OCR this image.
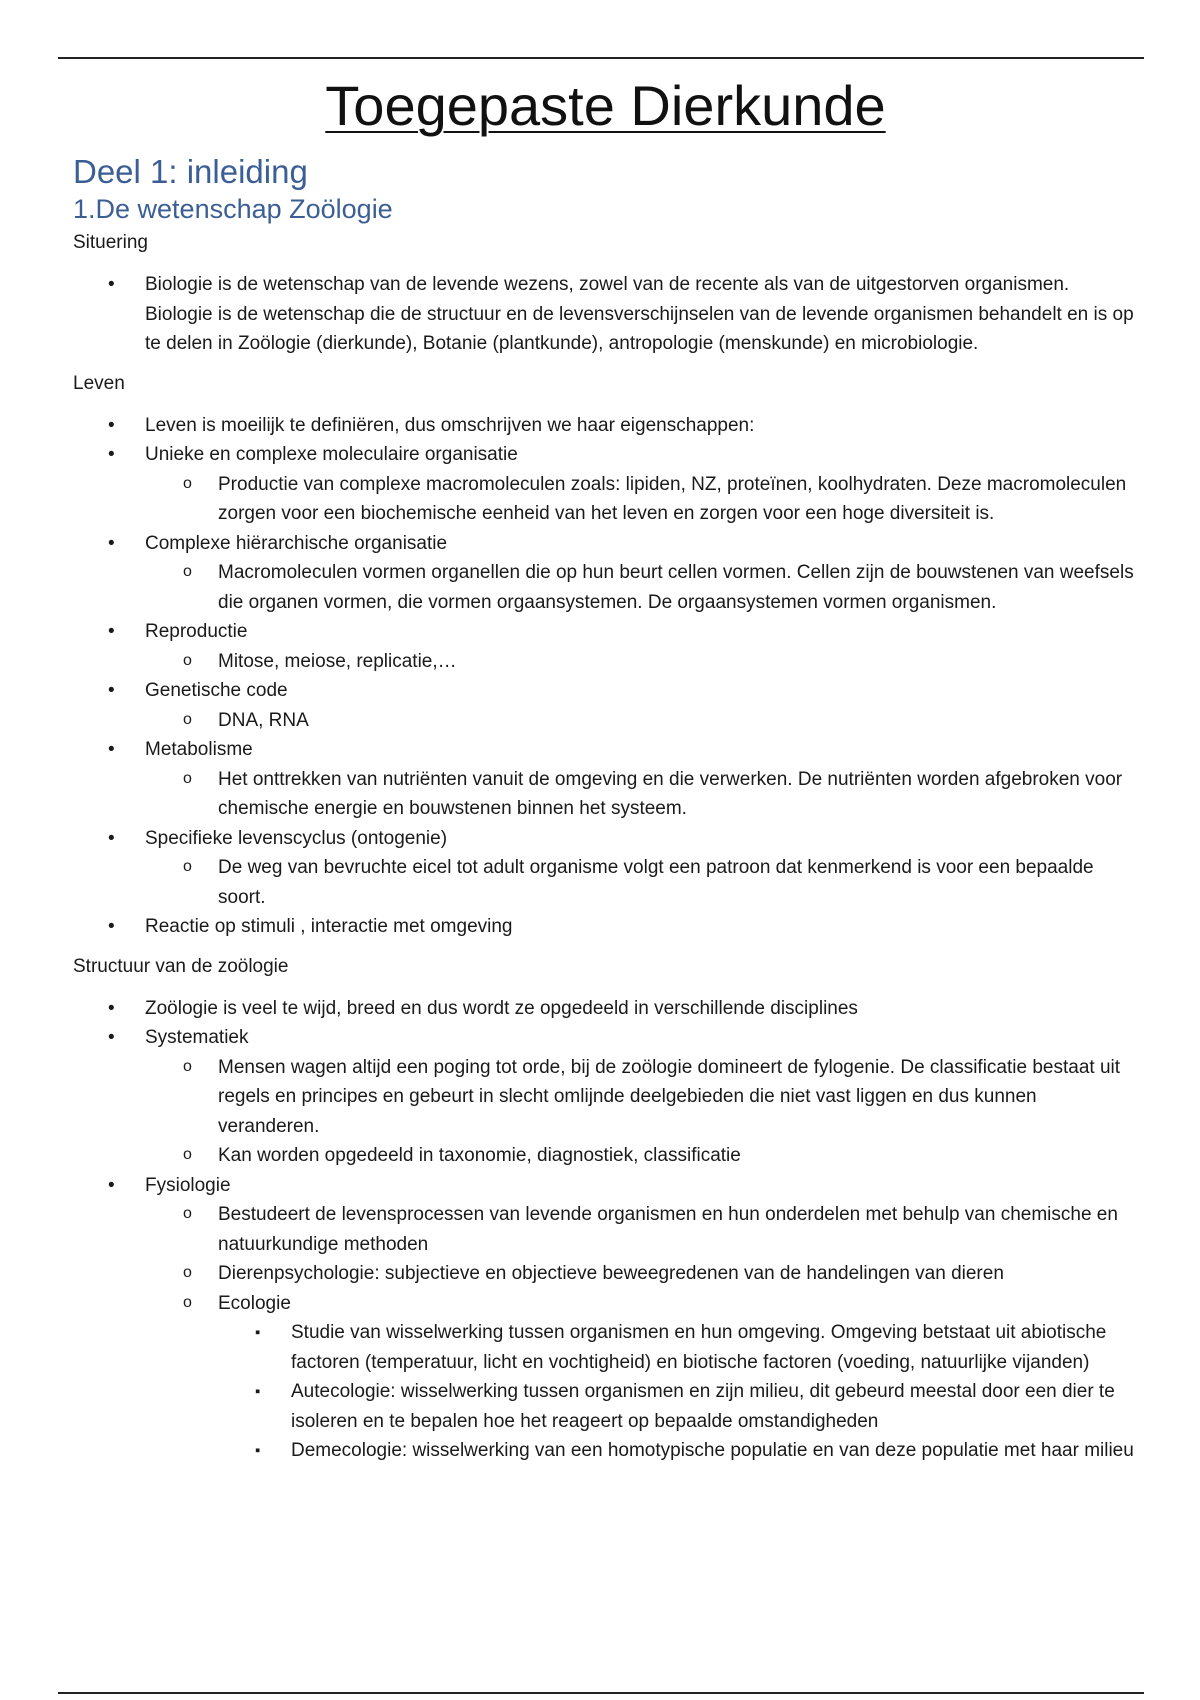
Toegepaste Dierkunde
Deel 1: inleiding
1.De wetenschap Zoölogie
Situering
• Biologie is de wetenschap van de levende wezens, zowel van de recente als van de uitgestorven organismen. Biologie is de wetenschap die de structuur en de levensverschijnselen van de levende organismen behandelt en is op te delen in Zoölogie (dierkunde), Botanie (plantkunde), antropologie (menskunde) en microbiologie.
Leven
• Leven is moeilijk te definiëren, dus omschrijven we haar eigenschappen:
• Unieke en complexe moleculaire organisatie
o Productie van complexe macromoleculen zoals: lipiden, NZ, proteïnen, koolhydraten. Deze macromoleculen zorgen voor een biochemische eenheid van het leven en zorgen voor een hoge diversiteit is.
• Complexe hiërarchische organisatie
o Macromoleculen vormen organellen die op hun beurt cellen vormen. Cellen zijn de bouwstenen van weefsels die organen vormen, die vormen orgaansystemen. De orgaansystemen vormen organismen.
• Reproductie
o Mitose, meiose, replicatie,…
• Genetische code
o DNA, RNA
• Metabolisme
o Het onttrekken van nutriënten vanuit de omgeving en die verwerken. De nutriënten worden afgebroken voor chemische energie en bouwstenen binnen het systeem.
• Specifieke levenscyclus (ontogenie)
o De weg van bevruchte eicel tot adult organisme volgt een patroon dat kenmerkend is voor een bepaalde soort.
• Reactie op stimuli , interactie met omgeving
Structuur van de zoölogie
• Zoölogie is veel te wijd, breed en dus wordt ze opgedeeld in verschillende disciplines
• Systematiek
o Mensen wagen altijd een poging tot orde, bij de zoölogie domineert de fylogenie. De classificatie bestaat uit regels en principes en gebeurt in slecht omlijnde deelgebieden die niet vast liggen en dus kunnen veranderen.
o Kan worden opgedeeld in taxonomie, diagnostiek, classificatie
• Fysiologie
o Bestudeert de levensprocessen van levende organismen en hun onderdelen met behulp van chemische en natuurkundige methoden
o Dierenpsychologie: subjectieve en objectieve beweegredenen van de handelingen van dieren
o Ecologie
▪ Studie van wisselwerking tussen organismen en hun omgeving. Omgeving betstaat uit abiotische factoren (temperatuur, licht en vochtigheid) en biotische factoren (voeding, natuurlijke vijanden)
▪ Autecologie: wisselwerking tussen organismen en zijn milieu, dit gebeurd meestal door een dier te isoleren en te bepalen hoe het reageert op bepaalde omstandigheden
▪ Demecologie: wisselwerking van een homotypische populatie en van deze populatie met haar milieu
